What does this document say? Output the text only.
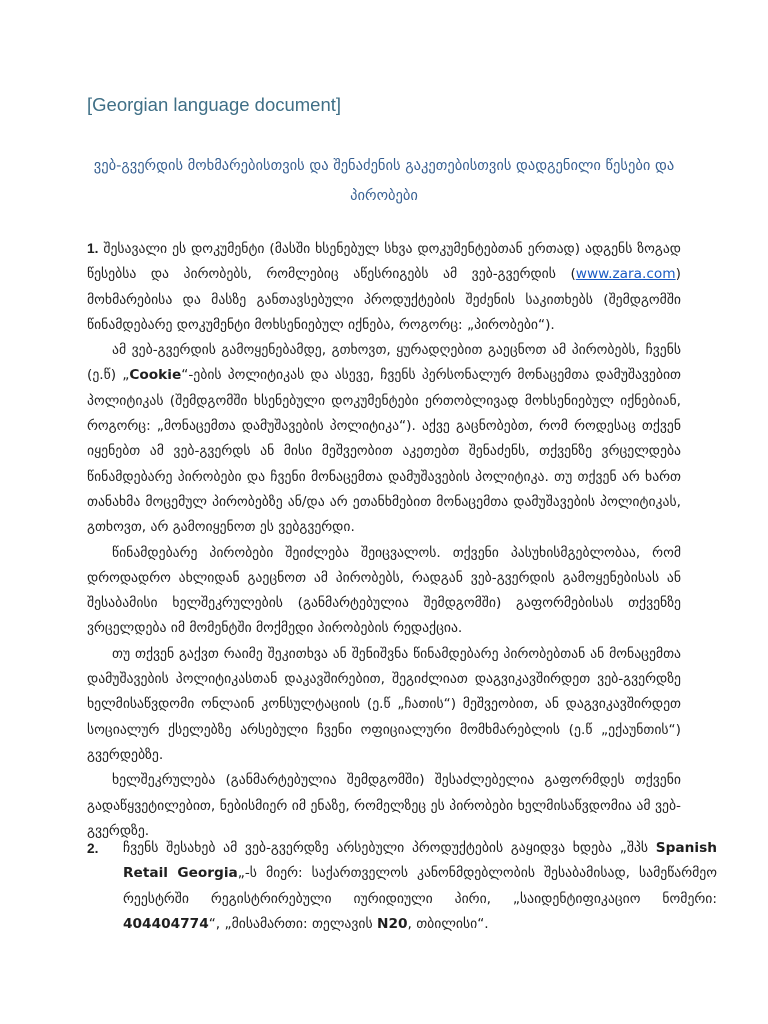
[Georgian language document]
ვებ-გვერდის მოხმარებისთვის და შენაძენის გაკეთებისთვის დადგენილი წესები და პირობები

1. შესავალი ეს დოკუმენტი (მასში ხსენებულ სხვა დოკუმენტებთან ერთად) ადგენს ზოგად წესებსა და პირობებს, რომლებიც აწესრიგებს ამ ვებ-გვერდის (www.zara.com) მოხმარებისა და მასზე განთავსებული პროდუქტების შეძენის საკითხებს (შემდგომში წინამდებარე დოკუმენტი მოხსენიებულ იქნება, როგორც: „პირობები“).

ამ ვებ-გვერდის გამოყენებამდე, გთხოვთ, ყურადღებით გაეცნოთ ამ პირობებს, ჩვენს (ე.წ) „Cookie“-ების პოლიტიკას და ასევე, ჩვენს პერსონალურ მონაცემთა დამუშავებით პოლიტიკას (შემდგომში ხსენებული დოკუმენტები ერთობლივად მოხსენიებულ იქნებიან, როგორც: „მონაცემთა დამუშავების პოლიტიკა“). აქვე გაცნობებთ, რომ როდესაც თქვენ იყენებთ ამ ვებ-გვერდს ან მისი მეშვეობით აკეთებთ შენაძენს, თქვენზე ვრცელდება წინამდებარე პირობები და ჩვენი მონაცემთა დამუშავების პოლიტიკა. თუ თქვენ არ ხართ თანახმა მოცემულ პირობებზე ან/და არ ეთანხმებით მონაცემთა დამუშავების პოლიტიკას, გთხოვთ, არ გამოიყენოთ ეს ვებგვერდი.

წინამდებარე პირობები შეიძლება შეიცვალოს. თქვენი პასუხისმგებლობაა, რომ დროდადრო ახლიდან გაეცნოთ ამ პირობებს, რადგან ვებ-გვერდის გამოყენებისას ან შესაბამისი ხელშეკრულების (განმარტებულია შემდგომში) გაფორმებისას თქვენზე ვრცელდება იმ მომენტში მოქმედი პირობების რედაქცია.

თუ თქვენ გაქვთ რაიმე შეკითხვა ან შენიშვნა წინამდებარე პირობებთან ან მონაცემთა დამუშავების პოლიტიკასთან დაკავშირებით, შეგიძლიათ დაგვიკავშირდეთ ვებ-გვერდზე ხელმისაწვდომი ონლაინ კონსულტაციის (ე.წ „ჩათის“) მეშვეობით, ან დაგვიკავშირდეთ სოციალურ ქსელებზე არსებული ჩვენი ოფიციალური მომხმარებლის (ე.წ „ექაუნთის“) გვერდებზე.

ხელშეკრულება (განმარტებულია შემდგომში) შესაძლებელია გაფორმდეს თქვენი გადაწყვეტილებით, ნებისმიერ იმ ენაზე, რომელზეც ეს პირობები ხელმისაწვდომია ამ ვებ-გვერდზე.

2. ჩვენს შესახებ ამ ვებ-გვერდზე არსებული პროდუქტების გაყიდვა ხდება „შპს Spanish Retail Georgia„-ს მიერ: საქართველოს კანონმდებლობის შესაბამისად, სამეწარმეო რეესტრში რეგისტრირებული იურიდიული პირი, „საიდენტიფიკაციო ნომერი: 404404774“, „მისამართი: თელავის N20, თბილისი“.
